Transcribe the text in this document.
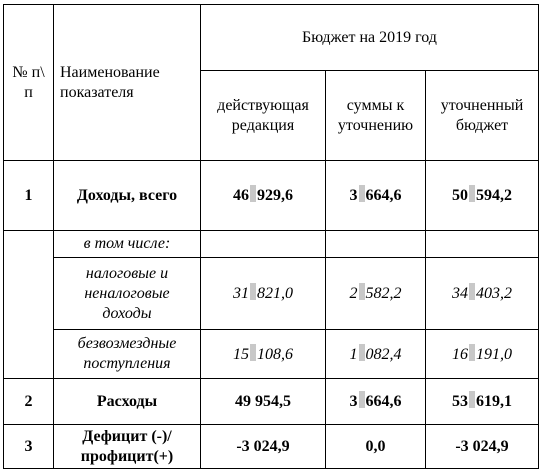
№ п\ п	Наименование показателя	Бюджет на 2019 год		
		действующая редакция	суммы к уточнению	уточненный бюджет
1	Доходы, всего	46 929,6	3 664,6	50 594,2
	в том числе:			

	налоговые и неналоговые доходы	31 821,0	2 582,2	34 403,2

	безвозмездные поступления	15 108,6	1 082,4	16 191,0
2	Расходы	49 954,5	3 664,6	53 619,1
3	Дефицит (-)/ профицит(+)	-3 024,9	0,0	-3 024,9
